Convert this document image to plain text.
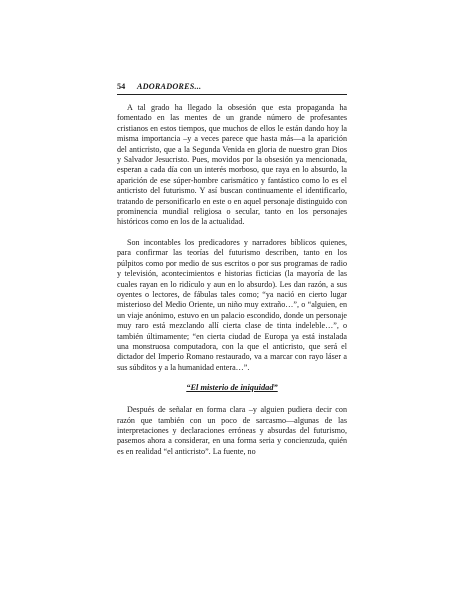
54	ADORADORES...

A tal grado ha llegado la obsesión que esta propaganda ha fomentado en las mentes de un grande número de profesantes cristianos en estos tiempos, que muchos de ellos le están dando hoy la misma importancia –y a veces parece que hasta más—a la aparición del anticristo, que a la Segunda Venida en gloria de nuestro gran Dios y Salvador Jesucristo. Pues, movidos por la obsesión ya mencionada, esperan a cada día con un interés morboso, que raya en lo absurdo, la aparición de ese súper-hombre carismático y fantástico como lo es el anticristo del futurismo. Y así buscan continuamente el identificarlo, tratando de personificarlo en este o en aquel personaje distinguido con prominencia mundial religiosa o secular, tanto en los personajes históricos como en los de la actualidad.

Son incontables los predicadores y narradores bíblicos quienes, para confirmar las teorías del futurismo describen, tanto en los púlpitos como por medio de sus escritos o por sus programas de radio y televisión, acontecimientos e historias ficticias (la mayoría de las cuales rayan en lo ridículo y aun en lo absurdo). Les dan razón, a sus oyentes o lectores, de fábulas tales como; “ya nació en cierto lugar misterioso del Medio Oriente, un niño muy extraño…”, o “alguien, en un viaje anónimo, estuvo en un palacio escondido, donde un personaje muy raro está mezclando allí cierta clase de tinta indeleble…”, o también últimamente; “en cierta ciudad de Europa ya está instalada una monstruosa computadora, con la que el anticristo, que será el dictador del Imperio Romano restaurado, va a marcar con rayo láser a sus súbditos y a la humanidad entera…”.

“El misterio de iniquidad”

Después de señalar en forma clara –y alguien pudiera decir con razón que también con un poco de sarcasmo—algunas de las interpretaciones y declaraciones erróneas y absurdas del futurismo, pasemos ahora a considerar, en una forma seria y concienzuda, quién es en realidad “el anticristo”. La fuente, no
